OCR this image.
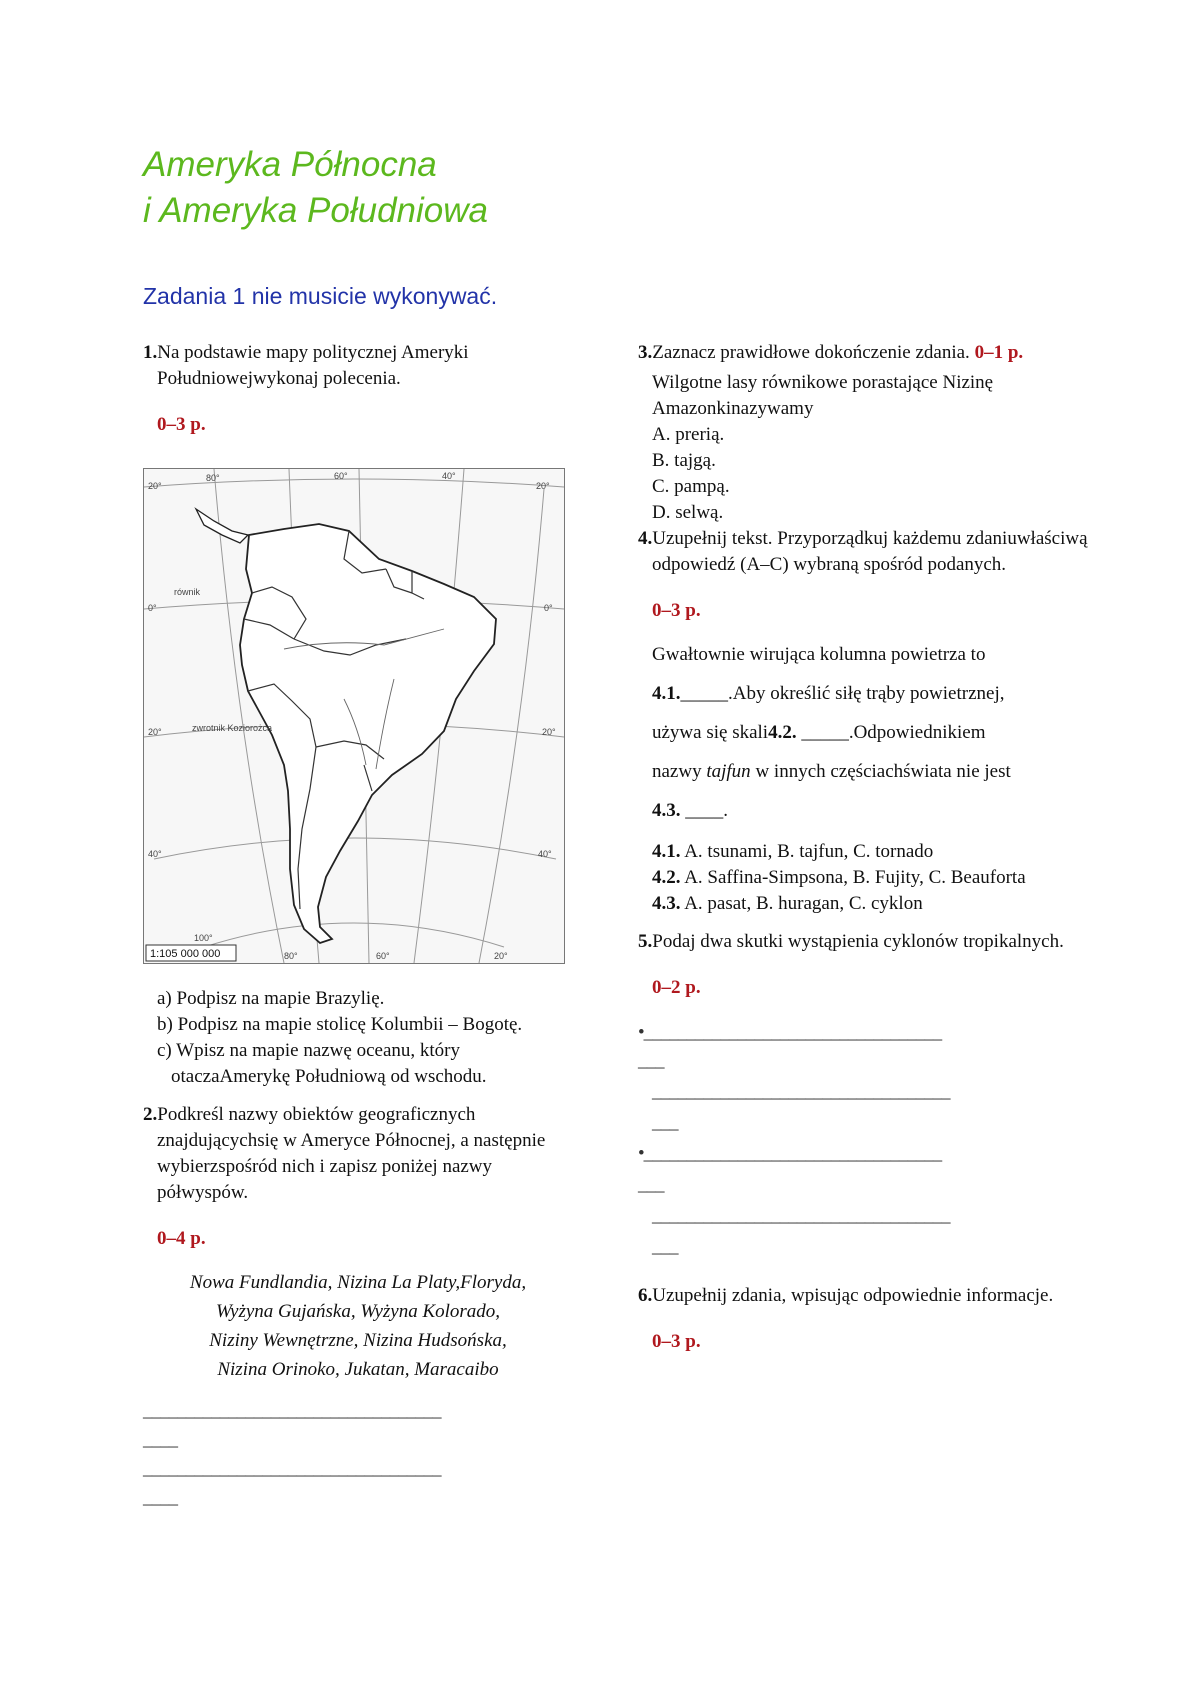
Ameryka Północna
i Ameryka Południowa
Zadania 1 nie musicie wykonywać.

1.Na podstawie mapy politycznej Ameryki Południowejwykonaj polecenia.

0–3 p.

20°
80°	60°	40°
20°
równik
0°	0°
20°	zwrotnik Koziorożca	20°
40°	40°
100°
80°	60°	20°
1:105 000 000

a) Podpisz na mapie Brazylię.

b) Podpisz na mapie stolicę Kolumbii – Bogotę.

c) Wpisz na mapie nazwę oceanu, który otaczaAmerykę Południową od wschodu.

2.Podkreśl nazwy obiektów geograficznych znajdującychsię w Ameryce Północnej, a następnie wybierzspośród nich i zapisz poniżej nazwy półwyspów.

0–4 p.

Nowa Fundlandia, Nizina La Platy,Floryda,

Wyżyna Gujańska, Wyżyna Kolorado,

Niziny Wewnętrzne, Nizina Hudsońska,

Nizina Orinoko, Jukatan, Maracaibo

___________________________________

____

___________________________________

____

3.Zaznacz prawidłowe dokończenie zdania. 0–1 p.

Wilgotne lasy równikowe porastające Nizinę Amazonkinazywamy

A. prerią.

B. tajgą.

C. pampą.

D. selwą.

4.Uzupełnij tekst. Przyporządkuj każdemu zdaniuwłaściwą odpowiedź (A–C) wybraną spośród podanych.

0–3 p.

Gwałtownie wirująca kolumna powietrza to

4.1._____.Aby określić siłę trąby powietrznej,

używa się skali4.2. _____.Odpowiednikiem

nazwy tajfun w innych częściachświata nie jest

4.3. ____.

4.1. A. tsunami, B. tajfun, C. tornado

4.2. A. Saffina-Simpsona, B. Fujity, C. Beaufortа

4.3. A. pasat, B. huragan, C. cyklon

5.Podaj dwa skutki wystąpienia cyklonów tropikalnych.

0–2 p.

•___________________________________

___

___________________________________

___

•___________________________________

___

___________________________________

___

6.Uzupełnij zdania, wpisując odpowiednie informacje.

0–3 p.
